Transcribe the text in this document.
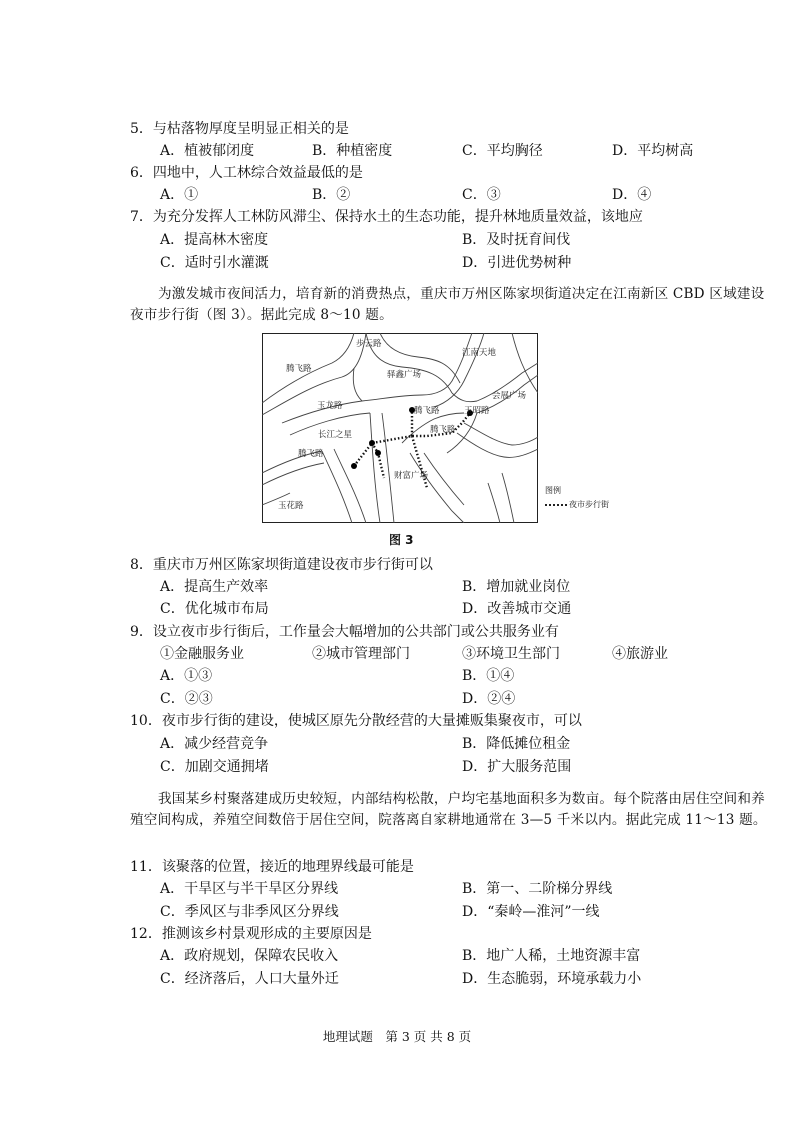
5．与枯落物厚度呈明显正相关的是
A．植被郁闭度	B．种植密度	C．平均胸径	D．平均树高
6．四地中，人工林综合效益最低的是
A．①	B．②	C．③	D．④
7．为充分发挥人工林防风滞尘、保持水土的生态功能，提升林地质量效益，该地应
A．提高林木密度	B．及时抚育间伐
C．适时引水灌溉	D．引进优势树种
为激发城市夜间活力，培育新的消费热点，重庆市万州区陈家坝街道决定在江南新区 CBD 区域建设夜市步行街（图 3）。据此完成 8～10 题。
步云路
江南天地
腾飞路
驿鑫广场
会展广场
玉龙路	腾飞路	玉昭路
长江之星	腾飞路
腾飞路
财富广场
玉花路
图例
夜市步行街
图 3
8．重庆市万州区陈家坝街道建设夜市步行街可以
A．提高生产效率	B．增加就业岗位
C．优化城市布局	D．改善城市交通
9．设立夜市步行街后，工作量会大幅增加的公共部门或公共服务业有
①金融服务业	②城市管理部门	③环境卫生部门	④旅游业
A．①③	B．①④
C．②③	D．②④
10．夜市步行街的建设，使城区原先分散经营的大量摊贩集聚夜市，可以
A．减少经营竞争	B．降低摊位租金
C．加剧交通拥堵	D．扩大服务范围
我国某乡村聚落建成历史较短，内部结构松散，户均宅基地面积多为数亩。每个院落由居住空间和养殖空间构成，养殖空间数倍于居住空间，院落离自家耕地通常在 3—5 千米以内。据此完成 11～13 题。
11．该聚落的位置，接近的地理界线最可能是
A．干旱区与半干旱区分界线	B．第一、二阶梯分界线
C．季风区与非季风区分界线	D．“秦岭—淮河”一线
12．推测该乡村景观形成的主要原因是
A．政府规划，保障农民收入	B．地广人稀，土地资源丰富
C．经济落后，人口大量外迁	D．生态脆弱，环境承载力小
地理试题　第 3 页 共 8 页
